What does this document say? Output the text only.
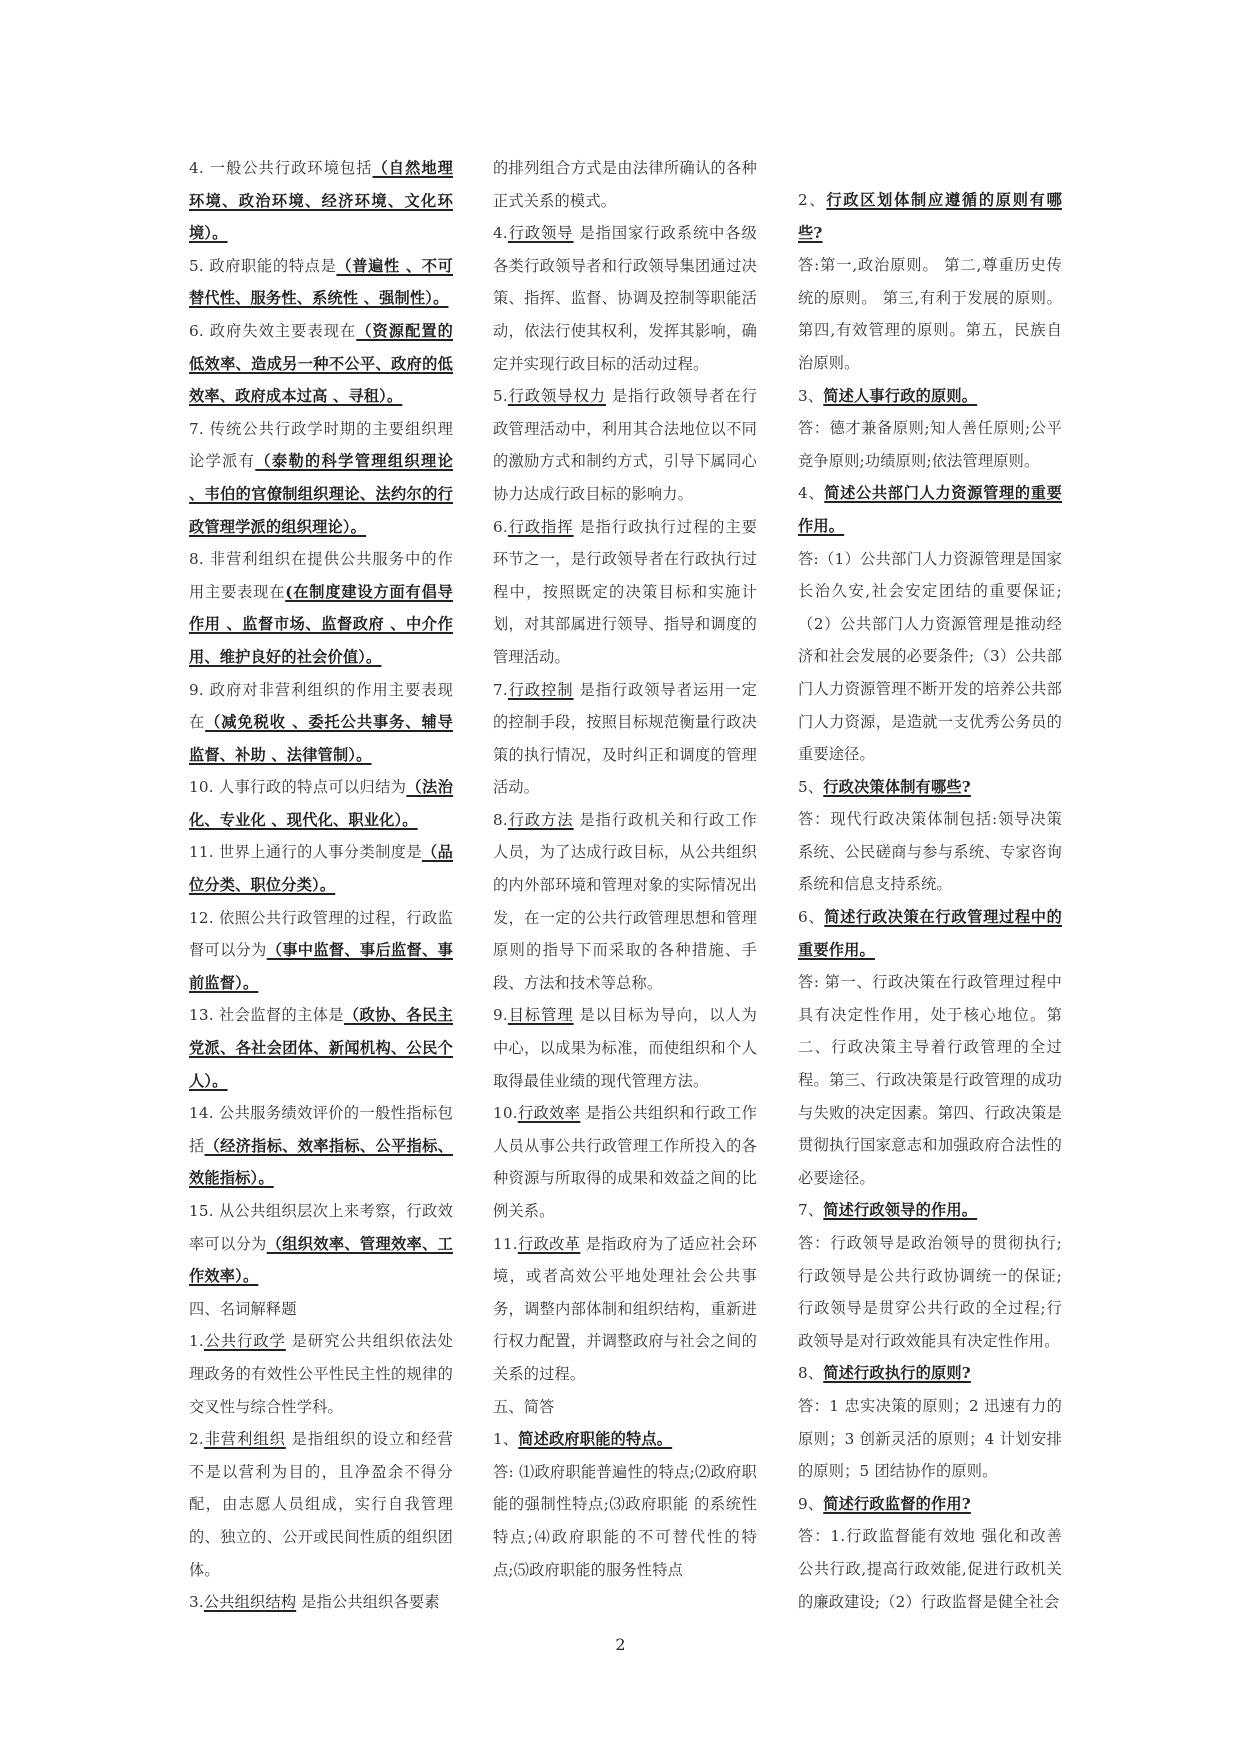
4. 一般公共行政环境包括（自然地理环境、政治环境、经济环境、文化环境）。

5. 政府职能的特点是（普遍性 、不可替代性、服务性、系统性 、强制性）。

6. 政府失效主要表现在（资源配置的低效率、造成另一种不公平、政府的低效率、政府成本过高 、寻租）。

7. 传统公共行政学时期的主要组织理论学派有（泰勒的科学管理组织理论 、韦伯的官僚制组织理论、法约尔的行政管理学派的组织理论）。

8. 非营利组织在提供公共服务中的作用主要表现在(在制度建设方面有倡导作用 、监督市场、监督政府 、中介作用、维护良好的社会价值）。

9. 政府对非营利组织的作用主要表现在（减免税收 、委托公共事务、辅导监督、补助 、法律管制）。

10. 人事行政的特点可以归结为（法治化、专业化 、现代化、职业化）。

11. 世界上通行的人事分类制度是（品位分类、职位分类）。

12. 依照公共行政管理的过程，行政监督可以分为（事中监督、事后监督、事前监督）。

13. 社会监督的主体是（政协、各民主党派、各社会团体、新闻机构、公民个人）。

14. 公共服务绩效评价的一般性指标包括（经济指标、效率指标、公平指标、效能指标）。

15. 从公共组织层次上来考察，行政效率可以分为（组织效率、管理效率、工作效率）。

四、名词解释题

1.公共行政学 是研究公共组织依法处理政务的有效性公平性民主性的规律的交叉性与综合性学科。

2.非营利组织 是指组织的设立和经营不是以营利为目的，且净盈余不得分配，由志愿人员组成，实行自我管理的、独立的、公开或民间性质的组织团体。

3.公共组织结构 是指公共组织各要素

的排列组合方式是由法律所确认的各种正式关系的模式。

4.行政领导 是指国家行政系统中各级各类行政领导者和行政领导集团通过决策、指挥、监督、协调及控制等职能活动，依法行使其权利，发挥其影响，确定并实现行政目标的活动过程。

5.行政领导权力 是指行政领导者在行政管理活动中，利用其合法地位以不同的激励方式和制约方式，引导下属同心协力达成行政目标的影响力。

6.行政指挥 是指行政执行过程的主要环节之一，是行政领导者在行政执行过程中，按照既定的决策目标和实施计划，对其部属进行领导、指导和调度的管理活动。

7.行政控制 是指行政领导者运用一定的控制手段，按照目标规范衡量行政决策的执行情况，及时纠正和调度的管理活动。

8.行政方法 是指行政机关和行政工作人员，为了达成行政目标，从公共组织的内外部环境和管理对象的实际情况出发，在一定的公共行政管理思想和管理原则的指导下而采取的各种措施、手段、方法和技术等总称。

9.目标管理 是以目标为导向，以人为中心，以成果为标准，而使组织和个人取得最佳业绩的现代管理方法。

10.行政效率 是指公共组织和行政工作人员从事公共行政管理工作所投入的各种资源与所取得的成果和效益之间的比例关系。

11.行政改革 是指政府为了适应社会环境，或者高效公平地处理社会公共事务，调整内部体制和组织结构，重新进行权力配置，并调整政府与社会之间的关系的过程。

五、简答

1、简述政府职能的特点。

答: ⑴政府职能普遍性的特点;⑵政府职能的强制性特点;⑶政府职能 的系统性特点;⑷政府职能的不可替代性的特点;⑸政府职能的服务性特点

2、行政区划体制应遵循的原则有哪些?

答:第一,政治原则。 第二,尊重历史传统的原则。 第三,有利于发展的原则。第四,有效管理的原则。第五，民族自治原则。

3、简述人事行政的原则。

答：德才兼备原则;知人善任原则;公平竞争原则;功绩原则;依法管理原则。

4、简述公共部门人力资源管理的重要作用。

答:（1）公共部门人力资源管理是国家长治久安,社会安定团结的重要保证;（2）公共部门人力资源管理是推动经济和社会发展的必要条件;（3）公共部门人力资源管理不断开发的培养公共部门人力资源，是造就一支优秀公务员的重要途径。

5、行政决策体制有哪些?

答：现代行政决策体制包括:领导决策系统、公民磋商与参与系统、专家咨询系统和信息支持系统。

6、简述行政决策在行政管理过程中的重要作用。

答: 第一、行政决策在行政管理过程中具有决定性作用，处于核心地位。第二、行政决策主导着行政管理的全过程。第三、行政决策是行政管理的成功与失败的决定因素。第四、行政决策是贯彻执行国家意志和加强政府合法性的必要途径。

7、简述行政领导的作用。

答：行政领导是政治领导的贯彻执行;行政领导是公共行政协调统一的保证;行政领导是贯穿公共行政的全过程;行政领导是对行政效能具有决定性作用。

8、简述行政执行的原则?

答：1 忠实决策的原则；2 迅速有力的原则；3 创新灵活的原则；4 计划安排的原则；5 团结协作的原则。

9、简述行政监督的作用?

答：1.行政监督能有效地 强化和改善公共行政,提高行政效能,促进行政机关的廉政建设;（2）行政监督是健全社会

2
